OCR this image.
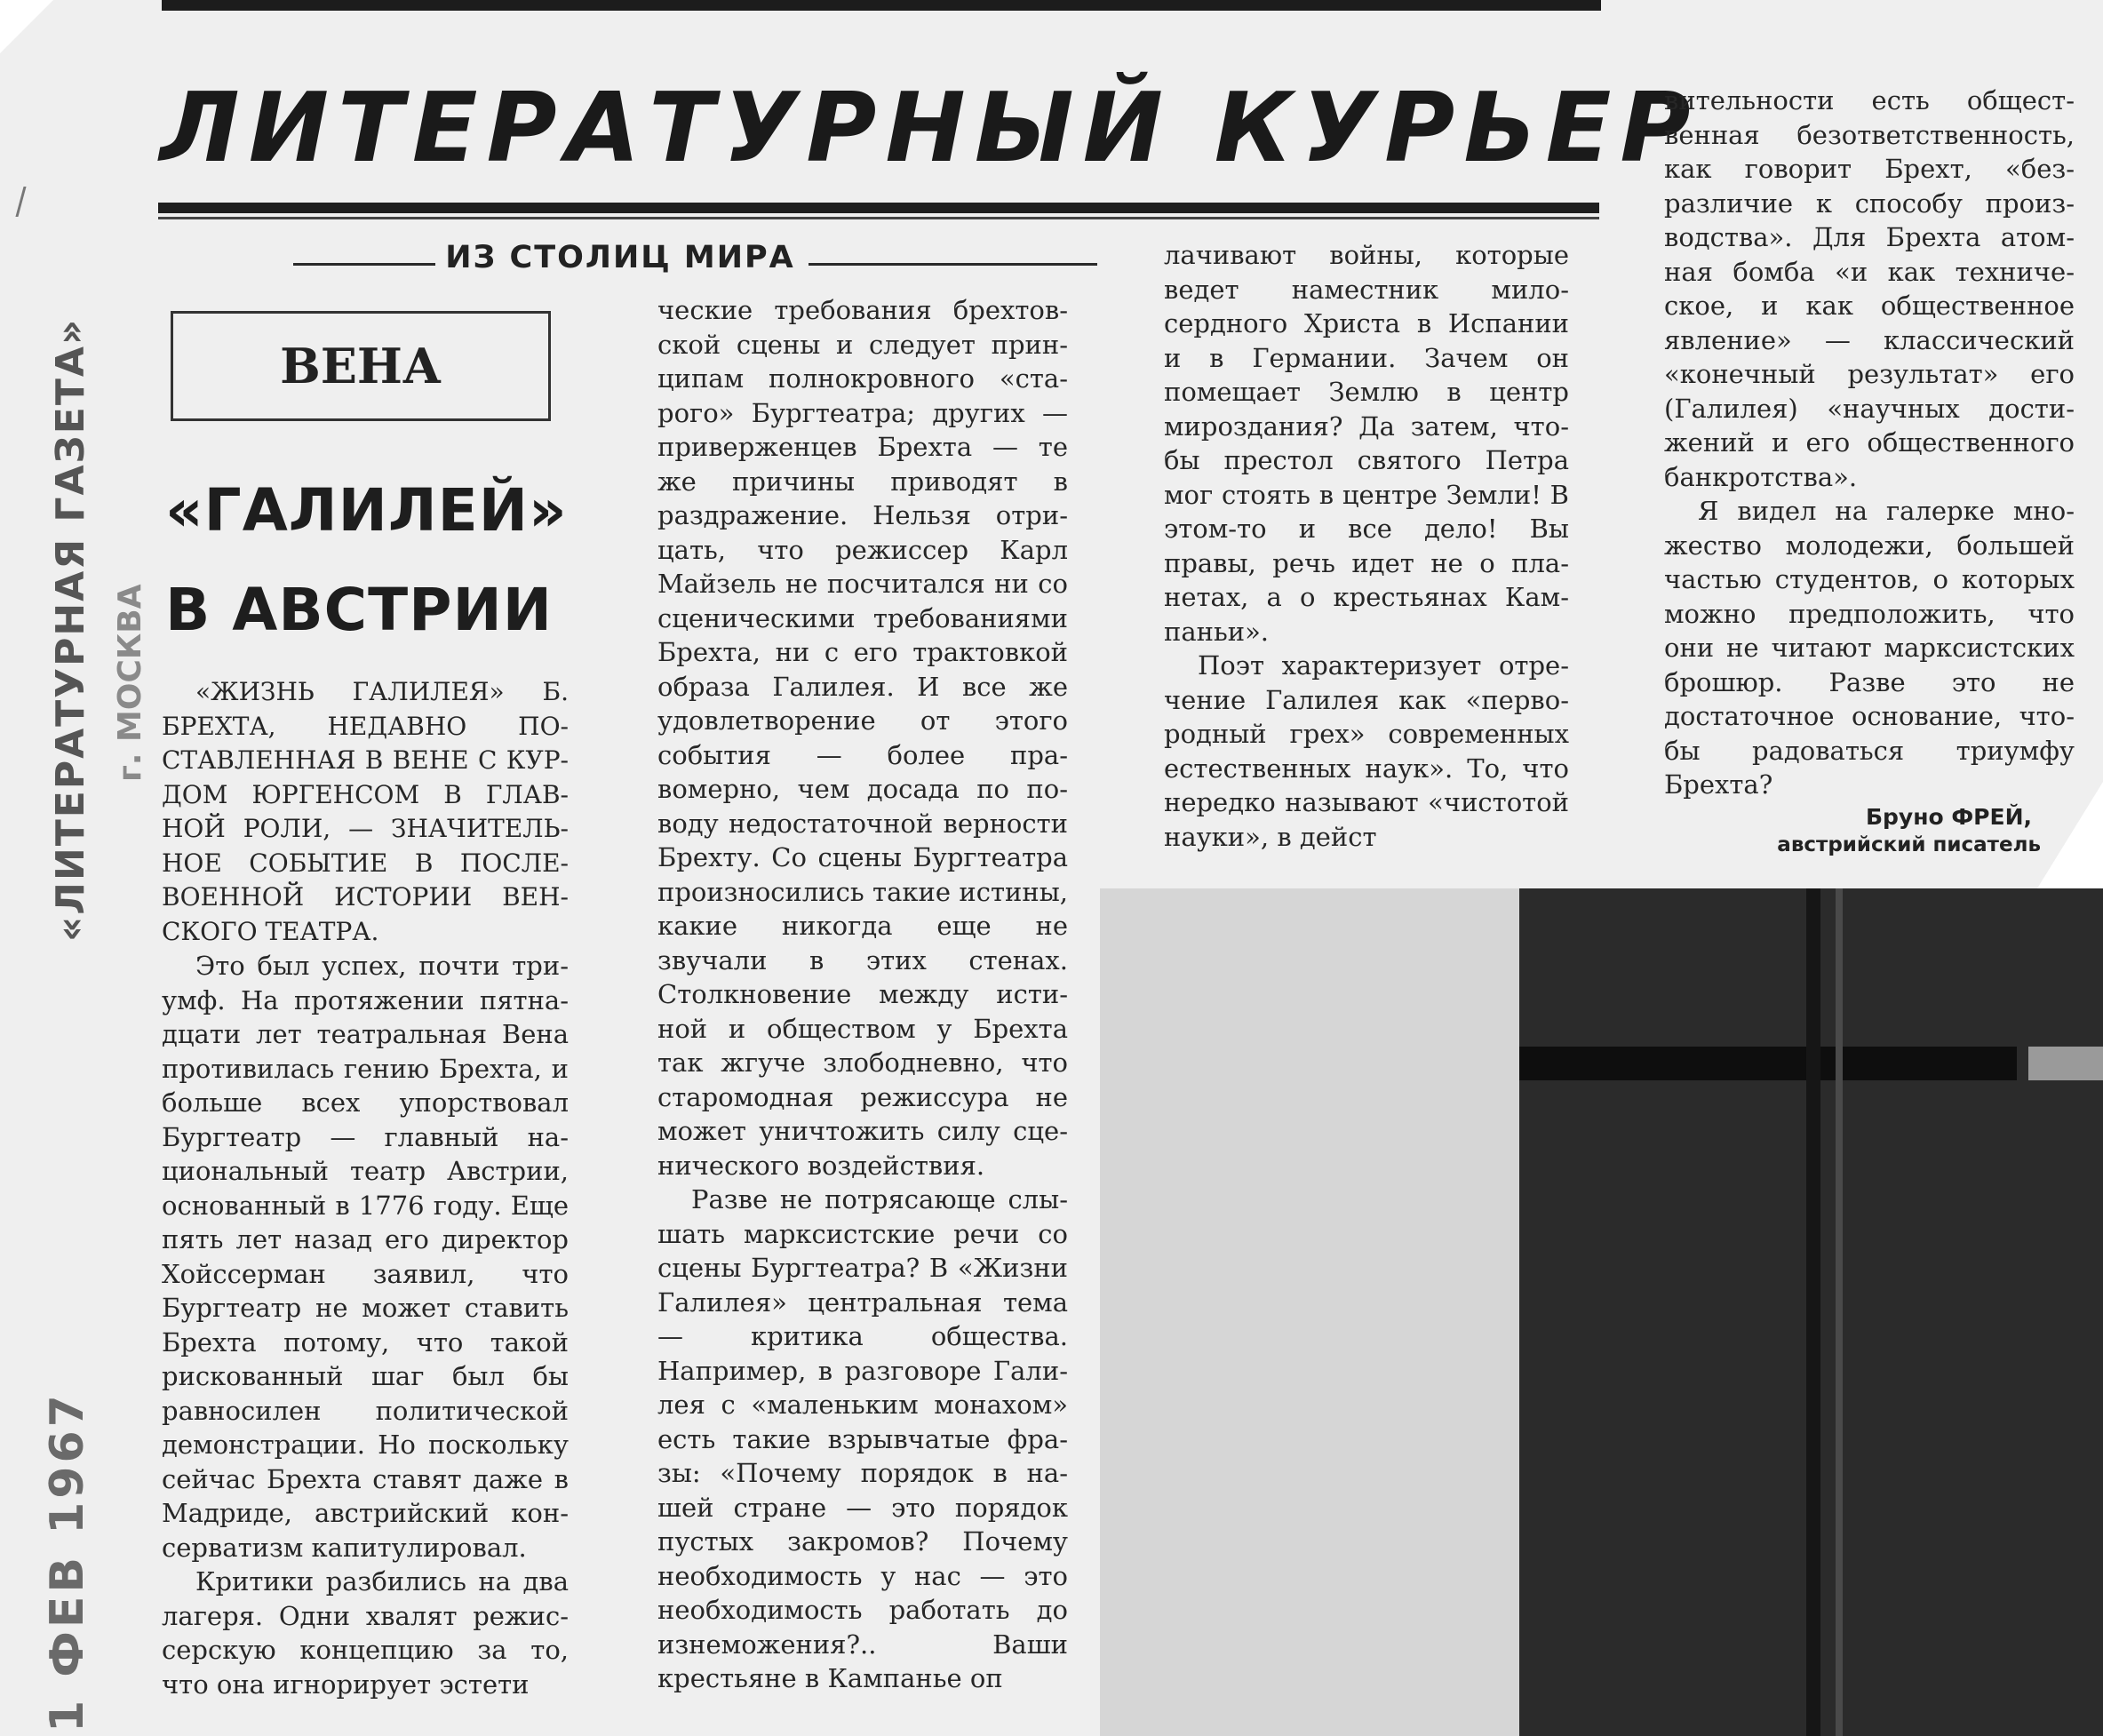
ЛИТЕРАТУРНЫЙ КУРЬЕР
ИЗ СТОЛИЦ МИРА
ВЕНА
«ГАЛИЛЕЙ»
В АВСТРИИ
«ЛИТЕРАТУРНАЯ ГАЗЕТА» г. МОСКВА
1 ФЕВ 1967

«ЖИЗНЬ ГАЛИЛЕЯ» Б. БРЕХТА, НЕДАВНО ПОСТАВЛЕННАЯ В ВЕНЕ С КУРДОМ ЮРГЕНСОМ В ГЛАВНОЙ РОЛИ, — ЗНАЧИТЕЛЬНОЕ СОБЫТИЕ В ПОСЛЕВОЕННОЙ ИСТОРИИ ВЕНСКОГО ТЕАТРА.

Это был успех, почти триумф. На протяжении пятнадцати лет театральная Вена противилась гению Брехта, и больше всех упорствовал Бургтеатр — главный национальный театр Австрии, основанный в 1776 году. Еще пять лет назад его директор Хойссерман заявил, что Бургтеатр не может ставить Брехта потому, что такой рискованный шаг был бы равносилен политической демонстрации. Но поскольку сейчас Брехта ставят даже в Мадриде, австрийский консерватизм капитулировал.

Критики разбились на два лагеря. Одни хвалят режиссерскую концепцию за то, что она игнорирует эстети

ческие требования брехтовской сцены и следует принципам полнокровного «старого» Бургтеатра; других — приверженцев Брехта — те же причины приводят в раздражение. Нельзя отрицать, что режиссер Карл Майзель не посчитался ни со сценическими требованиями Брехта, ни с его трактовкой образа Галилея. И все же удовлетворение от этого события — более правомерно, чем досада по поводу недостаточной верности Брехту. Со сцены Бургтеатра произносились такие истины, какие никогда еще не звучали в этих стенах. Столкновение между истиной и обществом у Брехта так жгуче злободневно, что старомодная режиссура не может уничтожить силу сценического воздействия.

Разве не потрясающе слышать марксистские речи со сцены Бургтеатра? В «Жизни Галилея» центральная тема — критика общества. Например, в разговоре Галилея с «маленьким монахом» есть такие взрывчатые фразы: «Почему порядок в нашей стране — это порядок пустых закромов? Почему необходимость у нас — это необходимость работать до изнеможения?.. Ваши крестьяне в Кампанье оп

лачивают войны, которые ведет наместник милосердного Христа в Испании и в Германии. Зачем он помещает Землю в центр мироздания? Да затем, чтобы престол святого Петра мог стоять в центре Земли! В этом-то и все дело! Вы правы, речь идет не о планетах, а о крестьянах Кампаньи».

Поэт характеризует отречение Галилея как «первородный грех» современных естественных наук». То, что нередко называют «чистотой науки», в дейст

вительности есть общественная безответственность, как говорит Брехт, «безразличие к способу производства». Для Брехта атомная бомба «и как техническое, и как общественное явление» — классический «конечный результат» его (Галилея) «научных достижений и его общественного банкротства».

Я видел на галерке множество молодежи, большей частью студентов, о которых можно предположить, что они не читают марксистских брошюр. Разве это не достаточное основание, чтобы радоваться триумфу Брехта?

Бруно ФРЕЙ,
австрийский писатель
